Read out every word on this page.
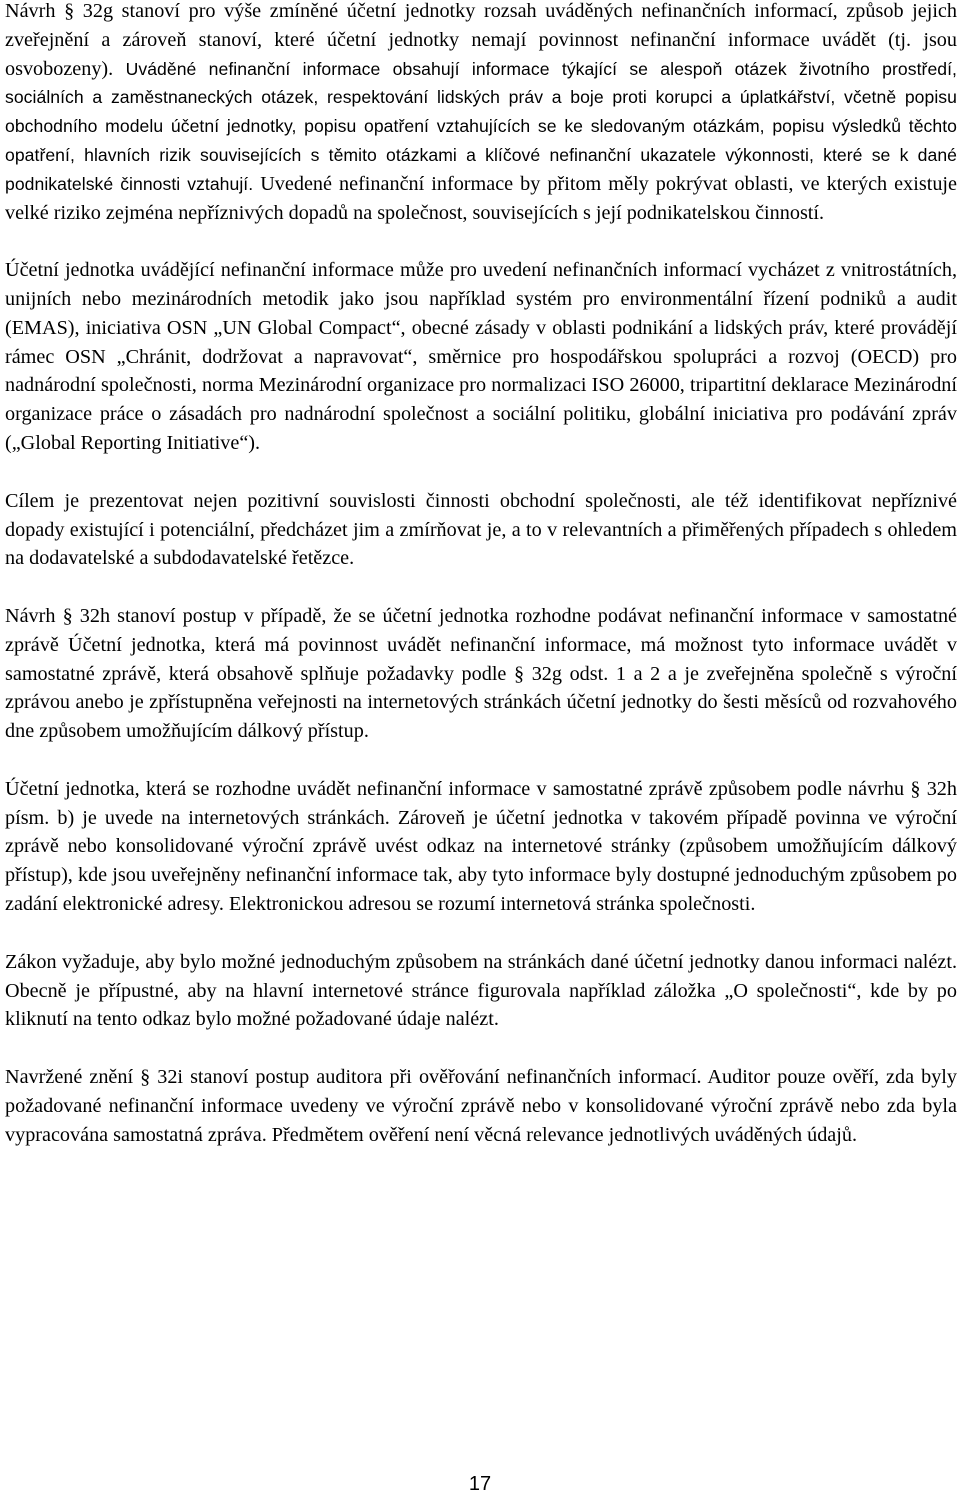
Návrh § 32g stanoví pro výše zmíněné účetní jednotky rozsah uváděných nefinančních informací, způsob jejich zveřejnění a zároveň stanoví, které účetní jednotky nemají povinnost nefinanční informace uvádět (tj. jsou osvobozeny). Uváděné nefinanční informace obsahují informace týkající se alespoň otázek životního prostředí, sociálních a zaměstnaneckých otázek, respektování lidských práv a boje proti korupci a úplatkářství, včetně popisu obchodního modelu účetní jednotky, popisu opatření vztahujících se ke sledovaným otázkám, popisu výsledků těchto opatření, hlavních rizik souvisejících s těmito otázkami a klíčové nefinanční ukazatele výkonnosti, které se k dané podnikatelské činnosti vztahují. Uvedené nefinanční informace by přitom měly pokrývat oblasti, ve kterých existuje velké riziko zejména nepříznivých dopadů na společnost, souvisejících s její podnikatelskou činností.

Účetní jednotka uvádějící nefinanční informace může pro uvedení nefinančních informací vycházet z vnitrostátních, unijních nebo mezinárodních metodik jako jsou například systém pro environmentální řízení podniků a audit (EMAS), iniciativa OSN „UN Global Compact“, obecné zásady v oblasti podnikání a lidských práv, které provádějí rámec OSN „Chránit, dodržovat a napravovat“, směrnice pro hospodářskou spolupráci a rozvoj (OECD) pro nadnárodní společnosti, norma Mezinárodní organizace pro normalizaci ISO 26000, tripartitní deklarace Mezinárodní organizace práce o zásadách pro nadnárodní společnost a sociální politiku, globální iniciativa pro podávání zpráv („Global Reporting Initiative“).

Cílem je prezentovat nejen pozitivní souvislosti činnosti obchodní společnosti, ale též identifikovat nepříznivé dopady existující i potenciální, předcházet jim a zmírňovat je, a to v relevantních a přiměřených případech s ohledem na dodavatelské a subdodavatelské řetězce.

Návrh § 32h stanoví postup v případě, že se účetní jednotka rozhodne podávat nefinanční informace v samostatné zprávě Účetní jednotka, která má povinnost uvádět nefinanční informace, má možnost tyto informace uvádět v samostatné zprávě, která obsahově splňuje požadavky podle § 32g odst. 1 a 2 a je zveřejněna společně s výroční zprávou anebo je zpřístupněna veřejnosti na internetových stránkách účetní jednotky do šesti měsíců od rozvahového dne způsobem umožňujícím dálkový přístup.

Účetní jednotka, která se rozhodne uvádět nefinanční informace v samostatné zprávě způsobem podle návrhu § 32h písm. b) je uvede na internetových stránkách. Zároveň je účetní jednotka v takovém případě povinna ve výroční zprávě nebo konsolidované výroční zprávě uvést odkaz na internetové stránky (způsobem umožňujícím dálkový přístup), kde jsou uveřejněny nefinanční informace tak, aby tyto informace byly dostupné jednoduchým způsobem po zadání elektronické adresy. Elektronickou adresou se rozumí internetová stránka společnosti.

Zákon vyžaduje, aby bylo možné jednoduchým způsobem na stránkách dané účetní jednotky danou informaci nalézt. Obecně je přípustné, aby na hlavní internetové stránce figurovala například záložka „O společnosti“, kde by po kliknutí na tento odkaz bylo možné požadované údaje nalézt.

Navržené znění § 32i stanoví postup auditora při ověřování nefinančních informací. Auditor pouze ověří, zda byly požadované nefinanční informace uvedeny ve výroční zprávě nebo v konsolidované výroční zprávě nebo zda byla vypracována samostatná zpráva. Předmětem ověření není věcná relevance jednotlivých uváděných údajů.

17
